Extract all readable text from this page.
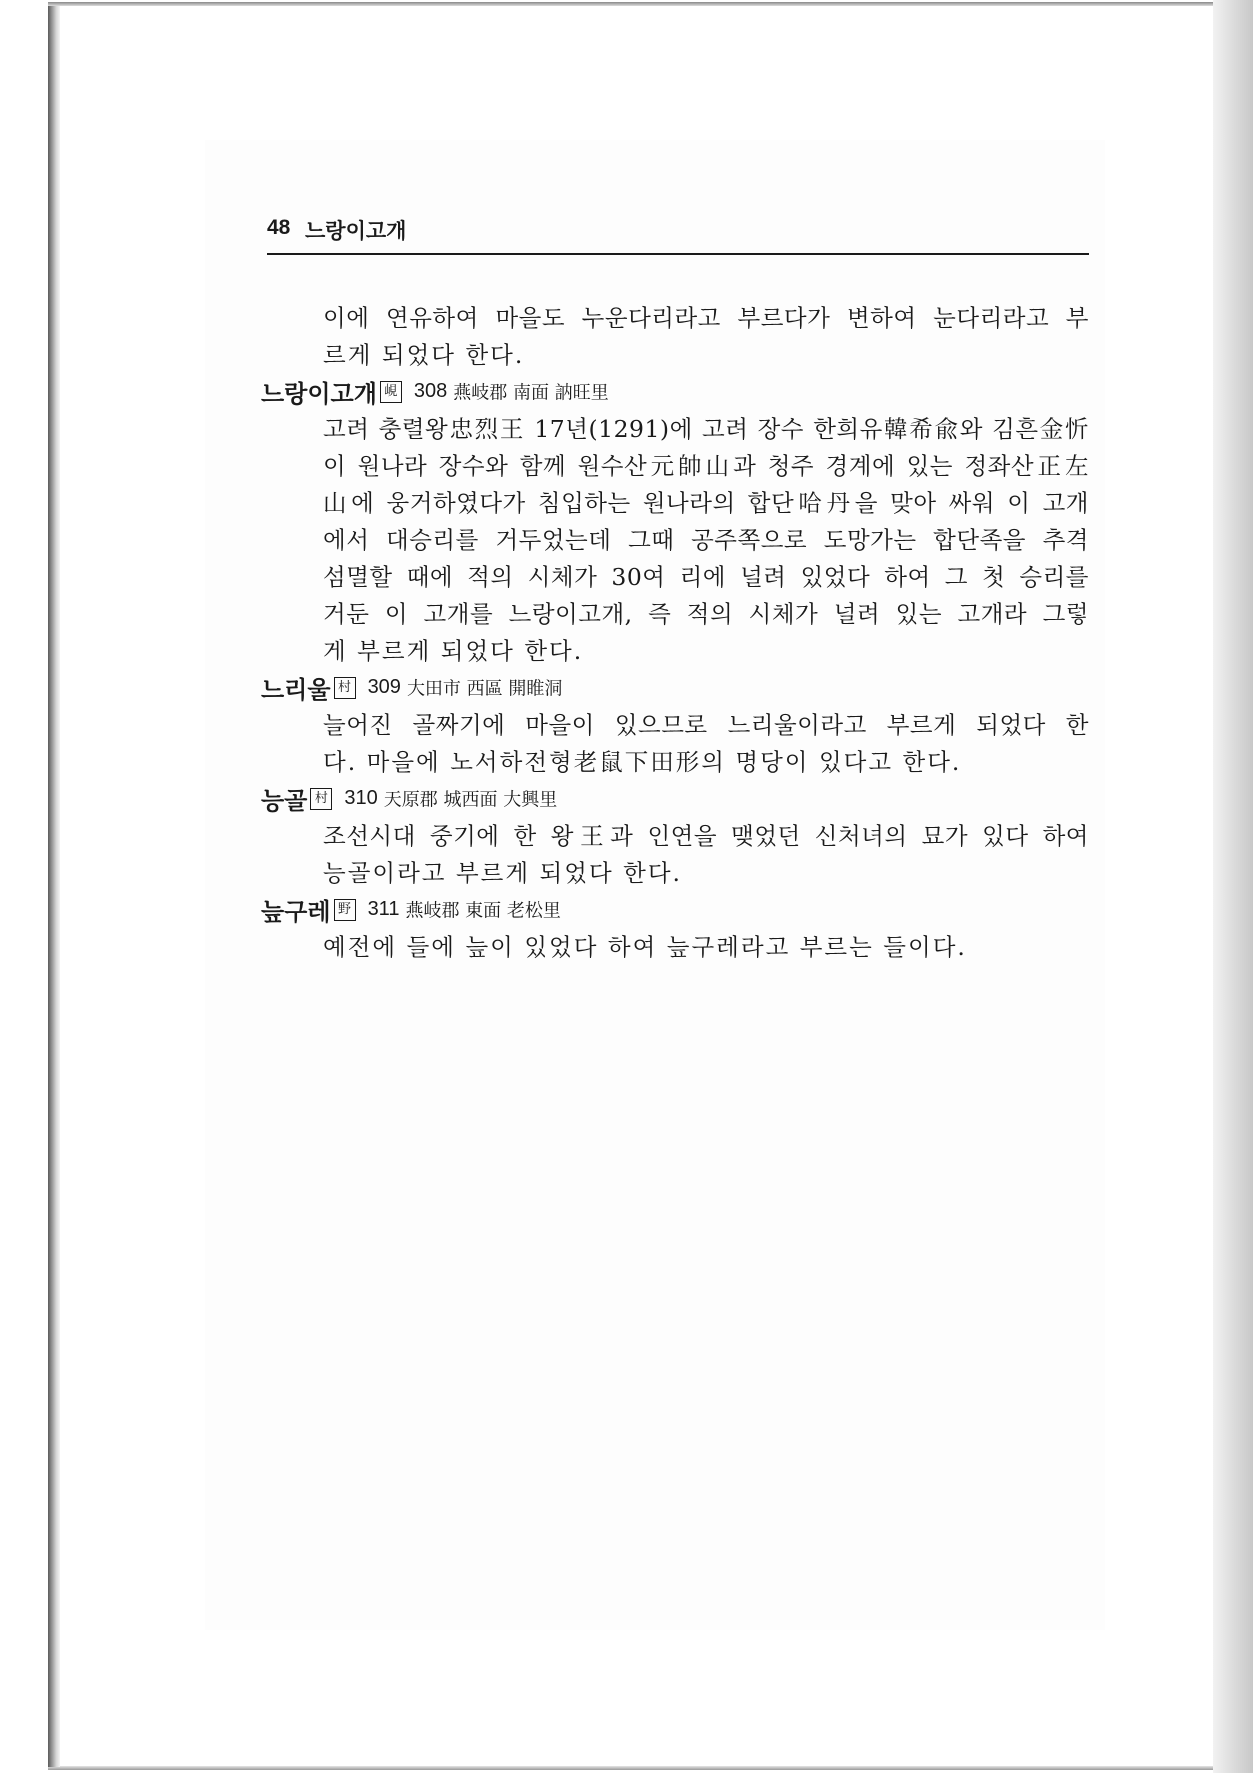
48 느랑이고개
이에 연유하여 마을도 누운다리라고 부르다가 변하여 눈다리라고 부
르게 되었다 한다.
느랑이고개 峴 308 燕岐郡 南面 訥旺里
고려 충렬왕忠烈王 17년(1291)에 고려 장수 한희유韓希兪와 김흔金忻
이 원나라 장수와 함께 원수산元帥山과 청주 경계에 있는 정좌산正左
山에 웅거하였다가 침입하는 원나라의 합단哈丹을 맞아 싸워 이 고개
에서 대승리를 거두었는데 그때 공주쪽으로 도망가는 합단족을 추격
섬멸할 때에 적의 시체가 30여 리에 널려 있었다 하여 그 첫 승리를
거둔 이 고개를 느랑이고개, 즉 적의 시체가 널려 있는 고개라 그렇
게 부르게 되었다 한다.
느리울 村 309 大田市 西區 開睢洞
늘어진 골짜기에 마을이 있으므로 느리울이라고 부르게 되었다 한
다. 마을에 노서하전형老鼠下田形의 명당이 있다고 한다.
능골 村 310 天原郡 城西面 大興里
조선시대 중기에 한 왕王과 인연을 맺었던 신처녀의 묘가 있다 하여
능골이라고 부르게 되었다 한다.
늪구레 野 311 燕岐郡 東面 老松里
예전에 들에 늪이 있었다 하여 늪구레라고 부르는 들이다.
